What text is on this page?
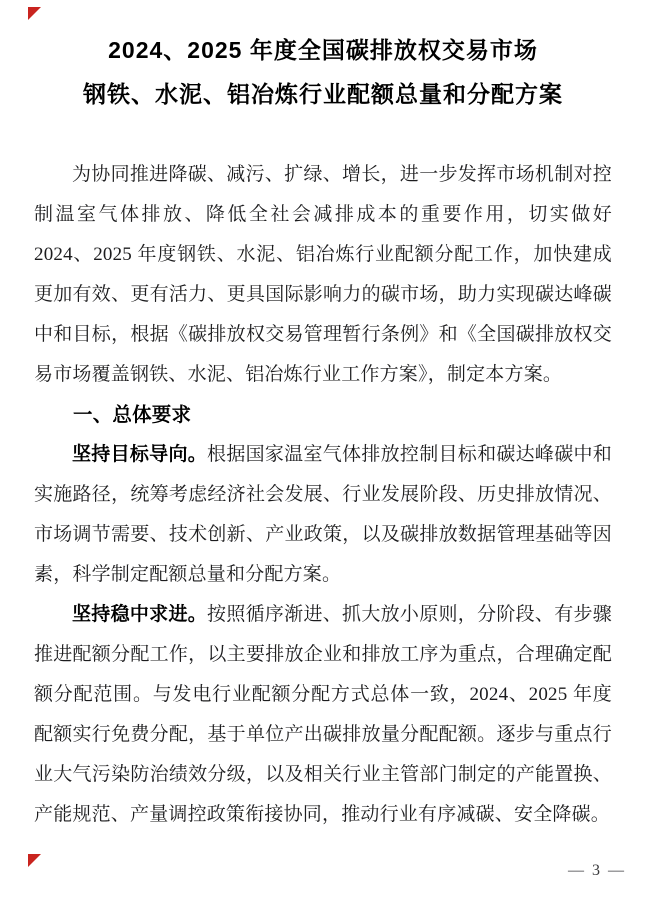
2024、2025 年度全国碳排放权交易市场
钢铁、水泥、铝冶炼行业配额总量和分配方案

为协同推进降碳、减污、扩绿、增长，进一步发挥市场机制对控制温室气体排放、降低全社会减排成本的重要作用，切实做好 2024、2025 年度钢铁、水泥、铝冶炼行业配额分配工作，加快建成更加有效、更有活力、更具国际影响力的碳市场，助力实现碳达峰碳中和目标，根据《碳排放权交易管理暂行条例》和《全国碳排放权交易市场覆盖钢铁、水泥、铝冶炼行业工作方案》，制定本方案。

一、总体要求

坚持目标导向。根据国家温室气体排放控制目标和碳达峰碳中和实施路径，统筹考虑经济社会发展、行业发展阶段、历史排放情况、市场调节需要、技术创新、产业政策，以及碳排放数据管理基础等因素，科学制定配额总量和分配方案。

坚持稳中求进。按照循序渐进、抓大放小原则，分阶段、有步骤推进配额分配工作，以主要排放企业和排放工序为重点，合理确定配额分配范围。与发电行业配额分配方式总体一致，2024、2025 年度配额实行免费分配，基于单位产出碳排放量分配配额。逐步与重点行业大气污染防治绩效分级，以及相关行业主管部门制定的产能置换、产能规范、产量调控政策衔接协同，推动行业有序减碳、安全降碳。

— 3 —
